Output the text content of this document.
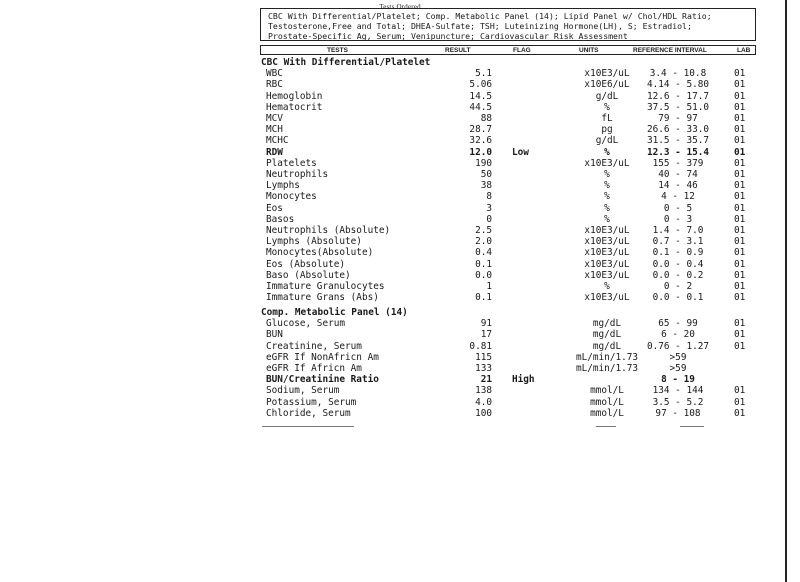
Tests Ordered
CBC With Differential/Platelet; Comp. Metabolic Panel (14); Lipid Panel w/ Chol/HDL Ratio;
Testosterone,Free and Total; DHEA-Sulfate; TSH; Luteinizing Hormone(LH), S; Estradiol;
Prostate-Specific Ag, Serum; Venipuncture; Cardiovascular Risk Assessment
TESTS	RESULT	FLAG	UNITS	REFERENCE INTERVAL	LAB
CBC With Differential/Platelet
WBC	5.1	x10E3/uL	3.4 - 10.8	01
RBC	5.06	x10E6/uL	4.14 - 5.80	01
Hemoglobin	14.5	g/dL	12.6 - 17.7	01
Hematocrit	44.5	%	37.5 - 51.0	01
MCV	88	fL	79 - 97	01
MCH	28.7	pg	26.6 - 33.0	01
MCHC	32.6	g/dL	31.5 - 35.7	01
RDW	12.0 Low	%	12.3 - 15.4	01
Platelets	190	x10E3/uL	155 - 379	01
Neutrophils	50	%	40 - 74	01
Lymphs	38	%	14 - 46	01
Monocytes	8	%	4 - 12	01
Eos	3	%	0 - 5	01
Basos	0	%	0 - 3	01
Neutrophils (Absolute)	2.5	x10E3/uL	1.4 - 7.0	01
Lymphs (Absolute)	2.0	x10E3/uL	0.7 - 3.1	01
Monocytes(Absolute)	0.4	x10E3/uL	0.1 - 0.9	01
Eos (Absolute)	0.1	x10E3/uL	0.0 - 0.4	01
Baso (Absolute)	0.0	x10E3/uL	0.0 - 0.2	01
Immature Granulocytes	1	%	0 - 2	01
Immature Grans (Abs)	0.1	x10E3/uL	0.0 - 0.1	01
Comp. Metabolic Panel (14)
Glucose, Serum	91	mg/dL	65 - 99	01
BUN	17	mg/dL	6 - 20	01
Creatinine, Serum	0.81	mg/dL	0.76 - 1.27	01
eGFR If NonAfricn Am	115	mL/min/1.73	>59
eGFR If Africn Am	133	mL/min/1.73	>59
BUN/Creatinine Ratio	21 High	8 - 19
Sodium, Serum	138	mmol/L	134 - 144	01
Potassium, Serum	4.0	mmol/L	3.5 - 5.2	01
Chloride, Serum	100	mmol/L	97 - 108	01
